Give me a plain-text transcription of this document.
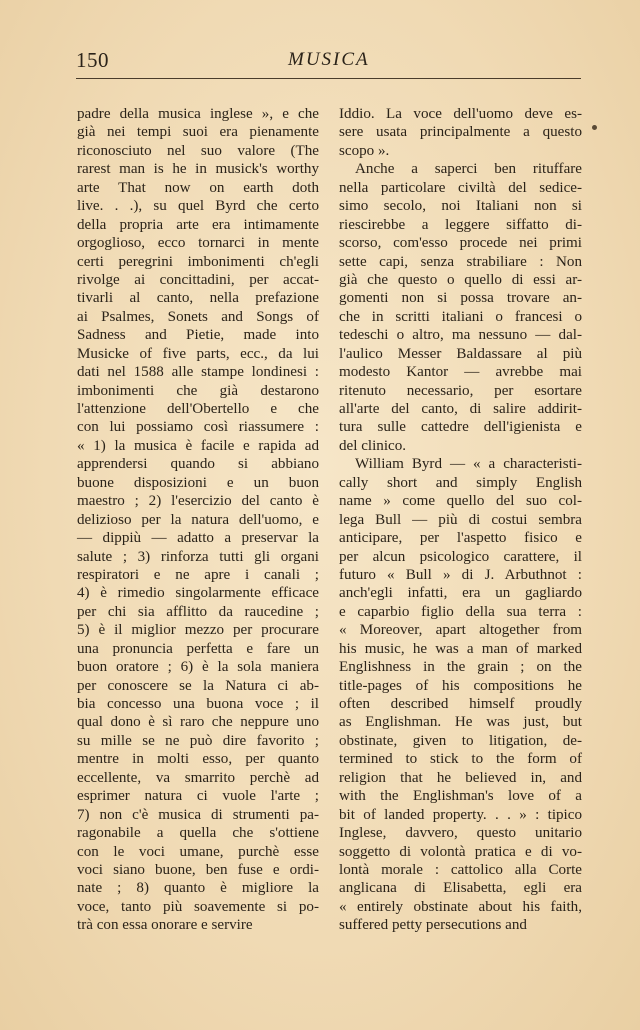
150	MUSICA
padre della musica inglese », e che
già nei tempi suoi era pienamente
riconosciuto nel suo valore (The
rarest man is he in musick's worthy
arte That now on earth doth
live. . .), su quel Byrd che certo
della propria arte era intimamente
orgoglioso, ecco tornarci in mente
certi peregrini imbonimenti ch'egli
rivolge ai concittadini, per accat-
tivarli al canto, nella prefazione
ai Psalmes, Sonets and Songs of
Sadness and Pietie, made into
Musicke of five parts, ecc., da lui
dati nel 1588 alle stampe londinesi :
imbonimenti che già destarono
l'attenzione dell'Obertello e che
con lui possiamo così riassumere :
« 1) la musica è facile e rapida ad
apprendersi quando si abbiano
buone disposizioni e un buon
maestro ; 2) l'esercizio del canto è
delizioso per la natura dell'uomo, e
— dippiù — adatto a preservar la
salute ; 3) rinforza tutti gli organi
respiratori e ne apre i canali ;
4) è rimedio singolarmente efficace
per chi sia afflitto da raucedine ;
5) è il miglior mezzo per procurare
una pronuncia perfetta e fare un
buon oratore ; 6) è la sola maniera
per conoscere se la Natura ci ab-
bia concesso una buona voce ; il
qual dono è sì raro che neppure uno
su mille se ne può dire favorito ;
mentre in molti esso, per quanto
eccellente, va smarrito perchè ad
esprimer natura ci vuole l'arte ;
7) non c'è musica di strumenti pa-
ragonabile a quella che s'ottiene
con le voci umane, purchè esse
voci siano buone, ben fuse e ordi-
nate ; 8) quanto è migliore la
voce, tanto più soavemente si po-
trà con essa onorare e servire
Iddio. La voce dell'uomo deve es-
sere usata principalmente a questo
scopo ».
Anche a saperci ben rituffare
nella particolare civiltà del sedice-
simo secolo, noi Italiani non si
riescirebbe a leggere siffatto di-
scorso, com'esso procede nei primi
sette capi, senza strabiliare : Non
già che questo o quello di essi ar-
gomenti non si possa trovare an-
che in scritti italiani o francesi o
tedeschi o altro, ma nessuno — dal-
l'aulico Messer Baldassare al più
modesto Kantor — avrebbe mai
ritenuto necessario, per esortare
all'arte del canto, di salire addirit-
tura sulle cattedre dell'igienista e
del clinico.
William Byrd — « a characteristi-
cally short and simply English
name » come quello del suo col-
lega Bull — più di costui sembra
anticipare, per l'aspetto fisico e
per alcun psicologico carattere, il
futuro « Bull » di J. Arbuthnot :
anch'egli infatti, era un gagliardo
e caparbio figlio della sua terra :
« Moreover, apart altogether from
his music, he was a man of marked
Englishness in the grain ; on the
title-pages of his compositions he
often described himself proudly
as Englishman. He was just, but
obstinate, given to litigation, de-
termined to stick to the form of
religion that he believed in, and
with the Englishman's love of a
bit of landed property. . . » : tipico
Inglese, davvero, questo unitario
soggetto di volontà pratica e di vo-
lontà morale : cattolico alla Corte
anglicana di Elisabetta, egli era
« entirely obstinate about his faith,
suffered petty persecutions and
